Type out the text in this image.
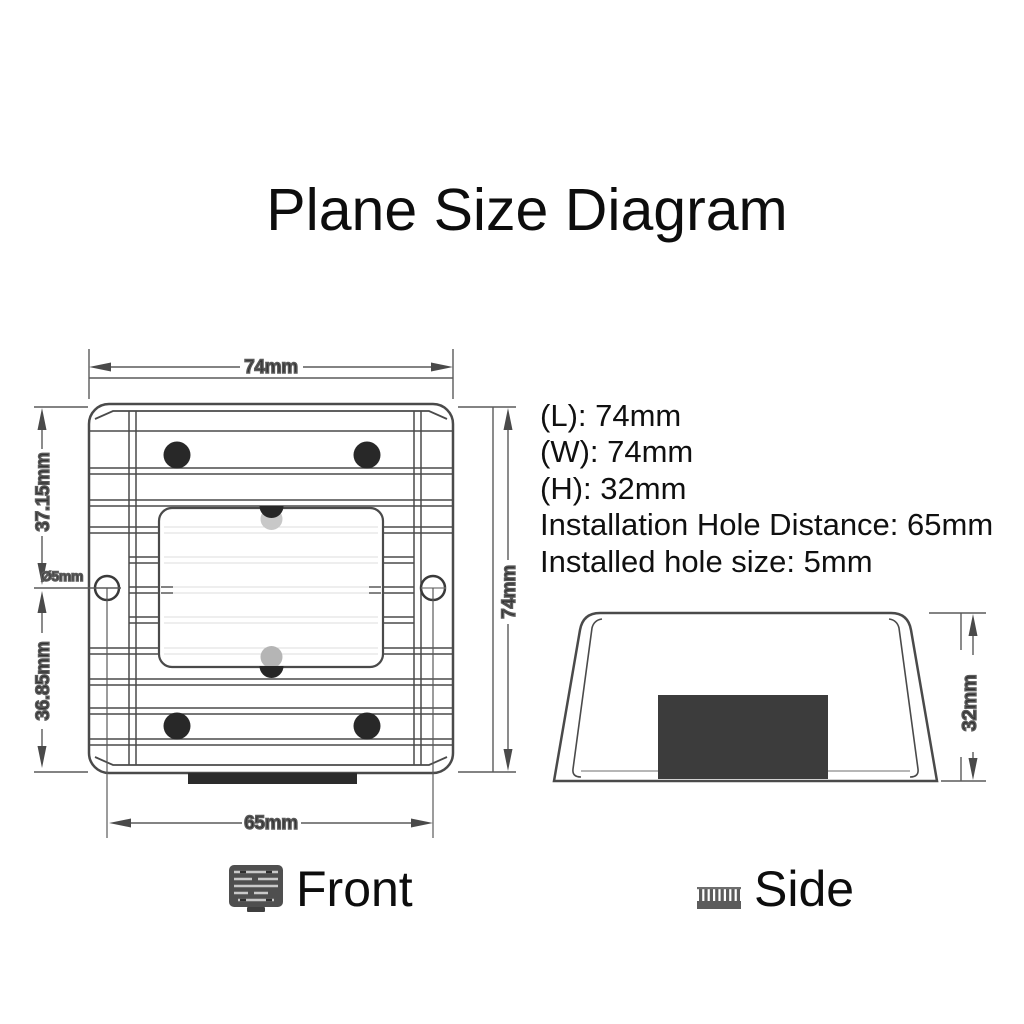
Plane Size Diagram
(L): 74mm
(W): 74mm
(H): 32mm
Installation Hole Distance: 65mm
Installed hole size: 5mm
74mm
37.15mm
36.85mm
Ø5mm	74mm
65mm
32mm
Front	Side
